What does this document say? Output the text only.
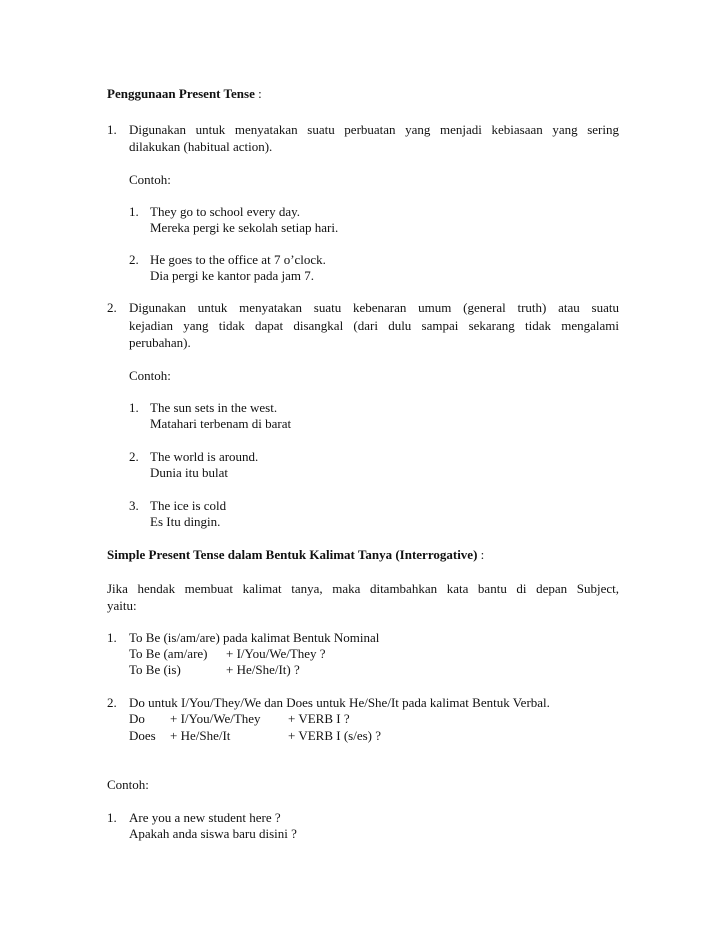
Penggunaan Present Tense :

1. Digunakan untuk menyatakan suatu perbuatan yang menjadi kebiasaan yang sering

dilakukan (habitual action).

Contoh:

1. They go to school every day.

Mereka pergi ke sekolah setiap hari.

2. He goes to the office at 7 o’clock.

Dia pergi ke kantor pada jam 7.

2. Digunakan untuk menyatakan suatu kebenaran umum (general truth) atau suatu

kejadian yang tidak dapat disangkal (dari dulu sampai sekarang tidak mengalami

perubahan).

Contoh:

1. The sun sets in the west.

Matahari terbenam di barat

2. The world is around.

Dunia itu bulat

3. The ice is cold

Es Itu dingin.

Simple Present Tense dalam Bentuk Kalimat Tanya (Interrogative) :

Jika hendak membuat kalimat tanya, maka ditambahkan kata bantu di depan Subject,

yaitu:

1. To Be (is/am/are) pada kalimat Bentuk Nominal

To Be (am/are) + I/You/We/They ?

To Be (is)	+ He/She/It) ?

2. Do untuk I/You/They/We dan Does untuk He/She/It pada kalimat Bentuk Verbal.

Do + I/You/We/They + VERB I ?

Does + He/She/It	+ VERB I (s/es) ?

Contoh:

1. Are you a new student here ?

Apakah anda siswa baru disini ?
